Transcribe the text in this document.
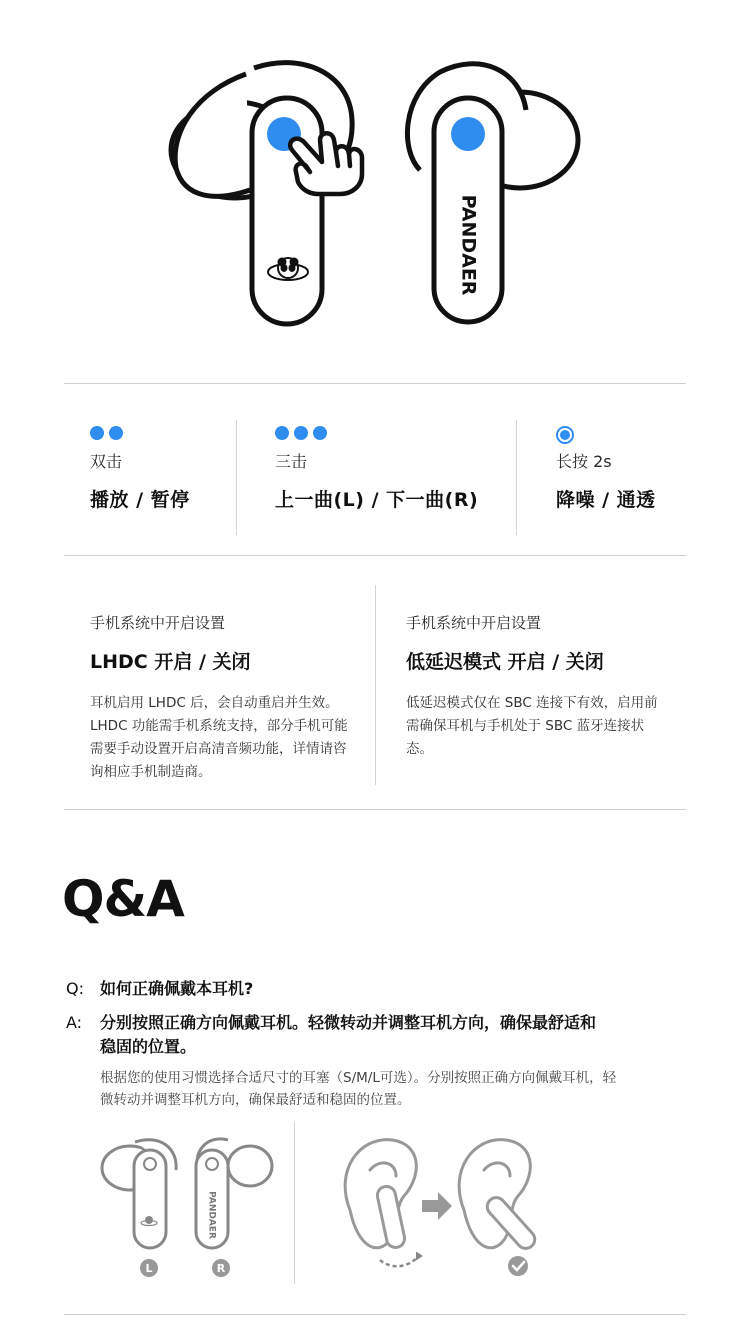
PANDAER
双击
播放 / 暂停
三击
上一曲(L) / 下一曲(R)
长按 2s
降噪 / 通透
手机系统中开启设置
LHDC 开启 / 关闭
耳机启用 LHDC 后，会自动重启并生效。LHDC 功能需手机系统支持，部分手机可能需要手动设置开启高清音频功能，详情请咨询相应手机制造商。
手机系统中开启设置
低延迟模式 开启 / 关闭
低延迟模式仅在 SBC 连接下有效，启用前需确保耳机与手机处于 SBC 蓝牙连接状态。
Q&A
Q: 如何正确佩戴本耳机?
A: 分别按照正确方向佩戴耳机。轻微转动并调整耳机方向，确保最舒适和
稳固的位置。
根据您的使用习惯选择合适尺寸的耳塞（S/M/L可选）。分别按照正确方向佩戴耳机，轻
微转动并调整耳机方向，确保最舒适和稳固的位置。
PANDAER
L	R
